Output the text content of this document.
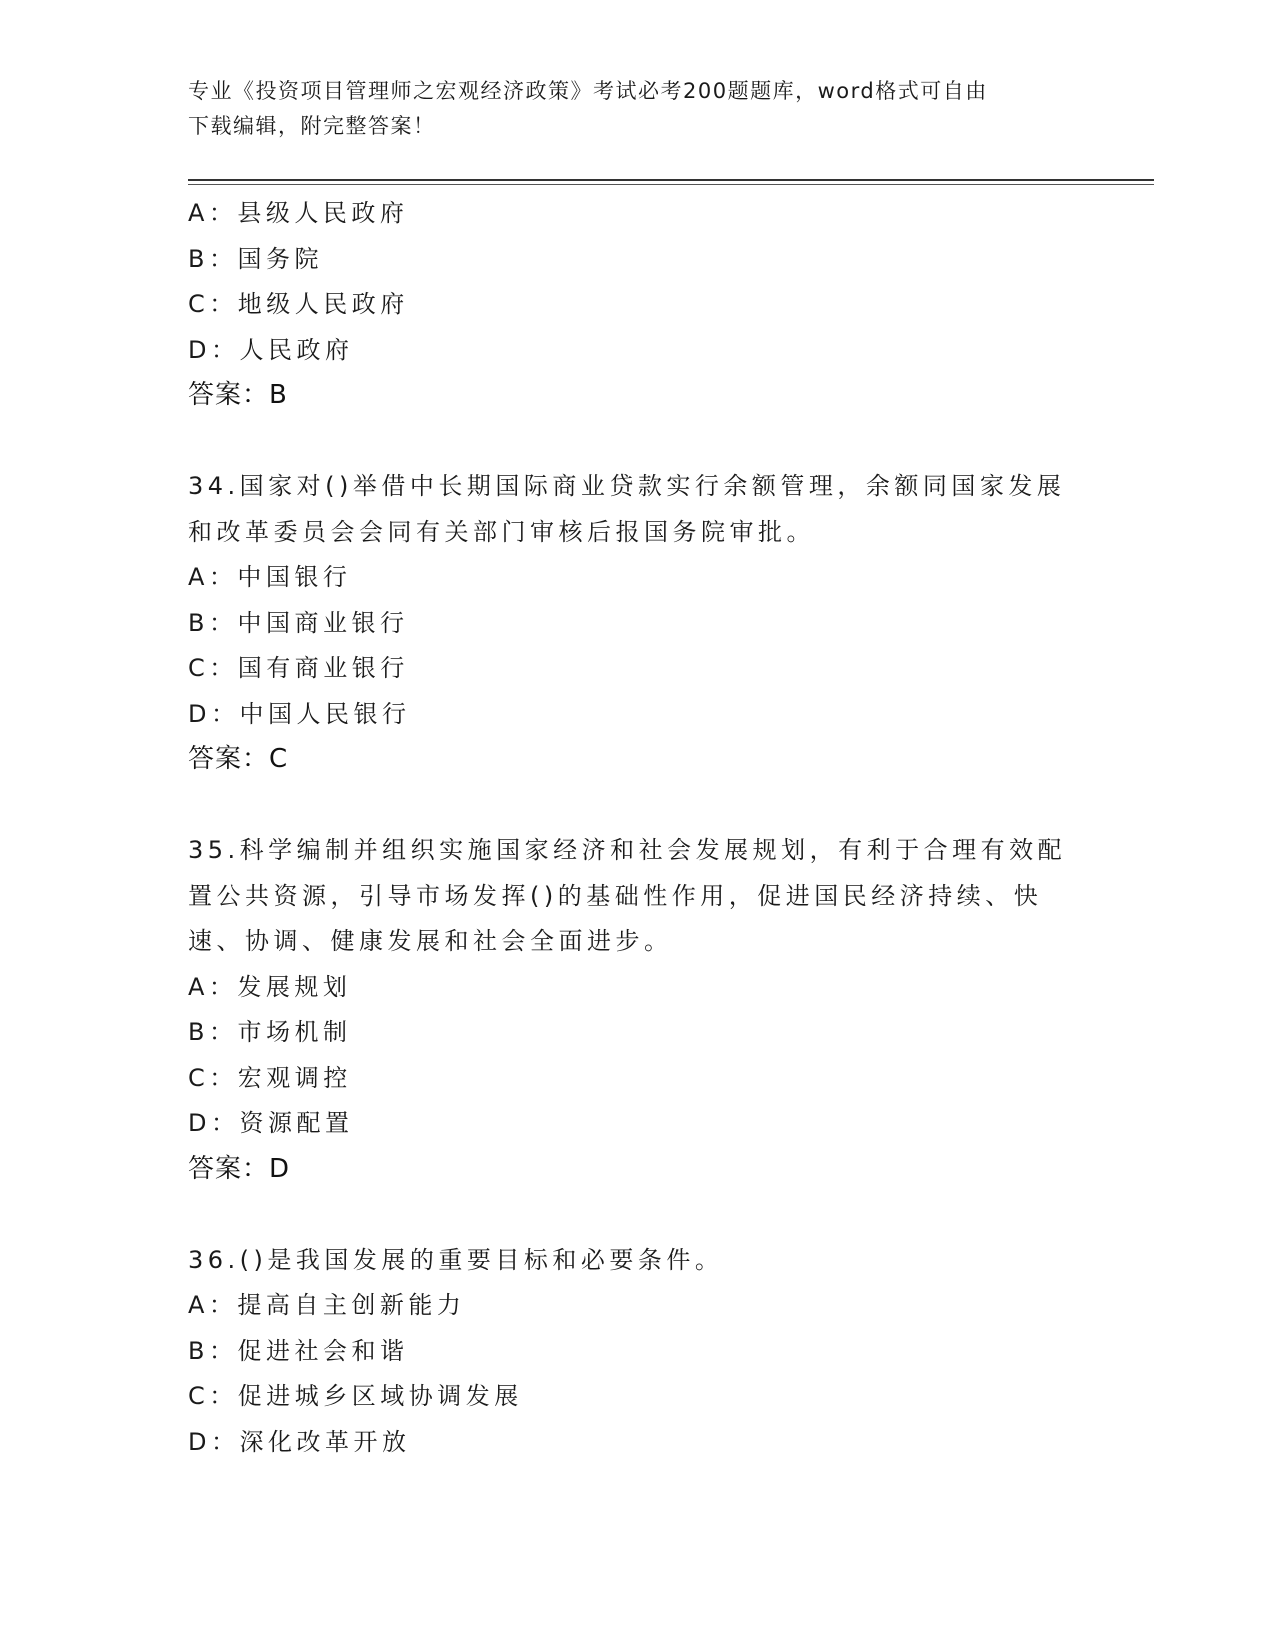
专业《投资项目管理师之宏观经济政策》考试必考200题题库，word格式可自由
下载编辑，附完整答案！
A：县级人民政府
B：国务院
C：地级人民政府
D：人民政府
答案：B
34.国家对()举借中长期国际商业贷款实行余额管理，余额同国家发展
和改革委员会会同有关部门审核后报国务院审批。
A：中国银行
B：中国商业银行
C：国有商业银行
D：中国人民银行
答案：C
35.科学编制并组织实施国家经济和社会发展规划，有利于合理有效配
置公共资源，引导市场发挥()的基础性作用，促进国民经济持续、快
速、协调、健康发展和社会全面进步。
A：发展规划
B：市场机制
C：宏观调控
D：资源配置
答案：D
36.()是我国发展的重要目标和必要条件。
A：提高自主创新能力
B：促进社会和谐
C：促进城乡区域协调发展
D：深化改革开放
